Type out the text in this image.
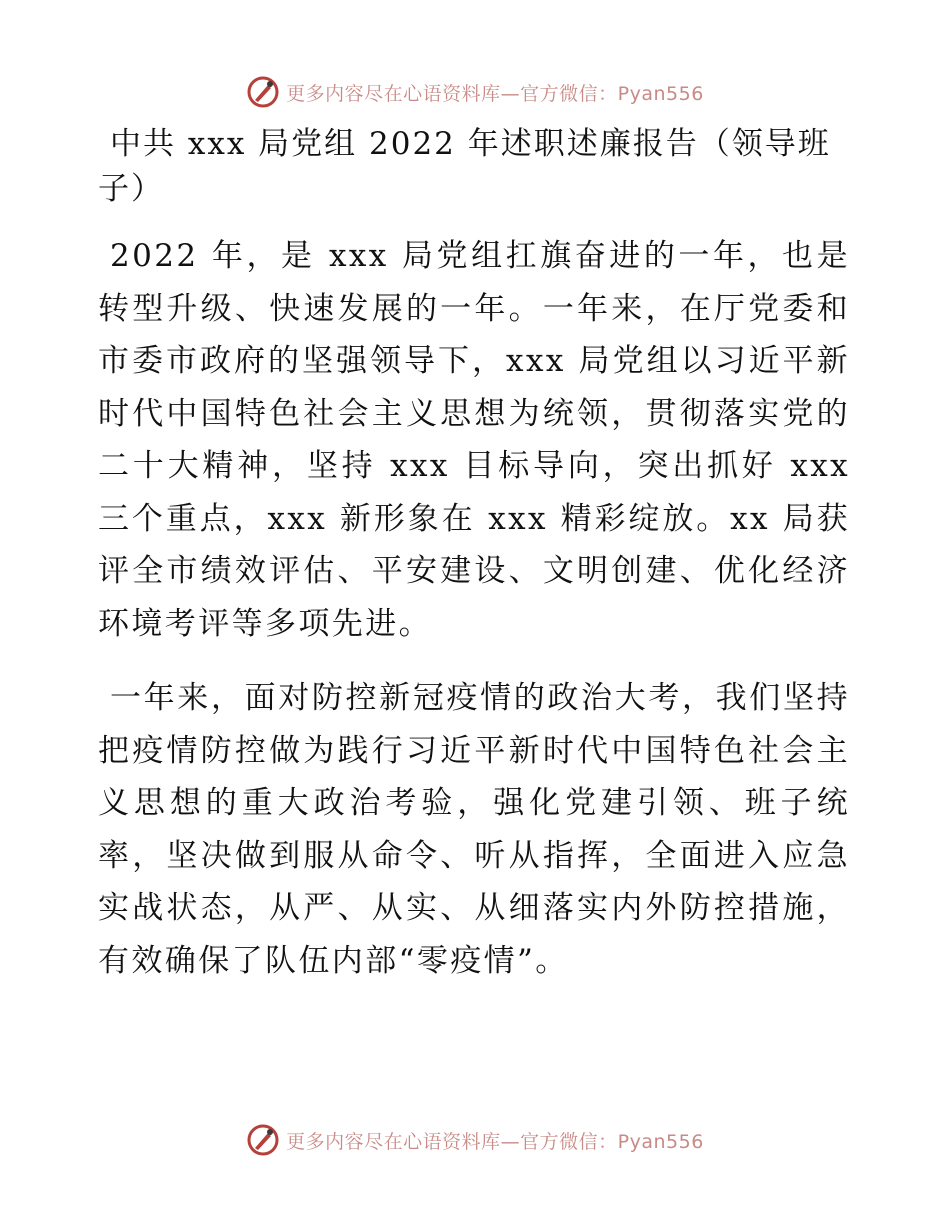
更多内容尽在心语资料库—官方微信：Pyan556
中共 xxx 局党组 2022 年述职述廉报告（领导班子）

2022 年，是 xxx 局党组扛旗奋进的一年，也是转型升级、快速发展的一年。一年来，在厅党委和市委市政府的坚强领导下，xxx 局党组以习近平新时代中国特色社会主义思想为统领，贯彻落实党的二十大精神，坚持 xxx 目标导向，突出抓好 xxx 三个重点，xxx 新形象在 xxx 精彩绽放。xx 局获评全市绩效评估、平安建设、文明创建、优化经济环境考评等多项先进。

一年来，面对防控新冠疫情的政治大考，我们坚持把疫情防控做为践行习近平新时代中国特色社会主义思想的重大政治考验，强化党建引领、班子统率，坚决做到服从命令、听从指挥，全面进入应急实战状态，从严、从实、从细落实内外防控措施，有效确保了队伍内部“零疫情”。

更多内容尽在心语资料库—官方微信：Pyan556
